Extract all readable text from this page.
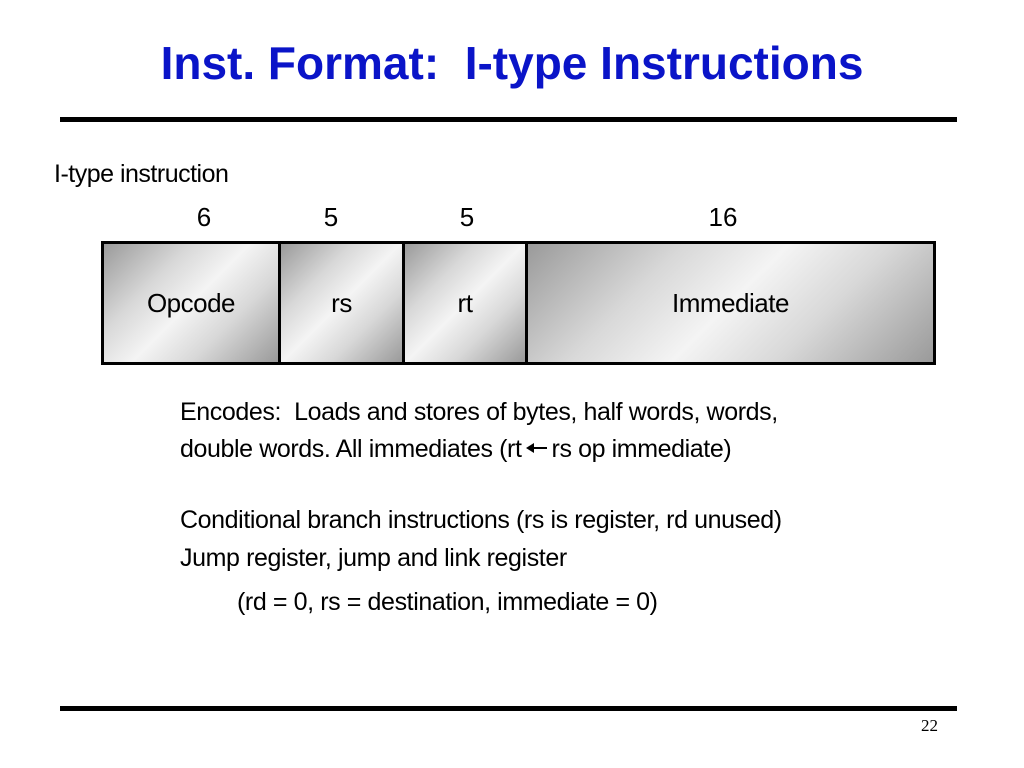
Inst. Format:  I-type Instructions
I-type instruction
6	5	5	16
Opcode	rs	rt	Immediate
Encodes:  Loads and stores of bytes, half words, words,
double words. All immediates (rt rs op immediate)
Conditional branch instructions (rs is register, rd unused)
Jump register, jump and link register
(rd = 0, rs = destination, immediate = 0)
22
